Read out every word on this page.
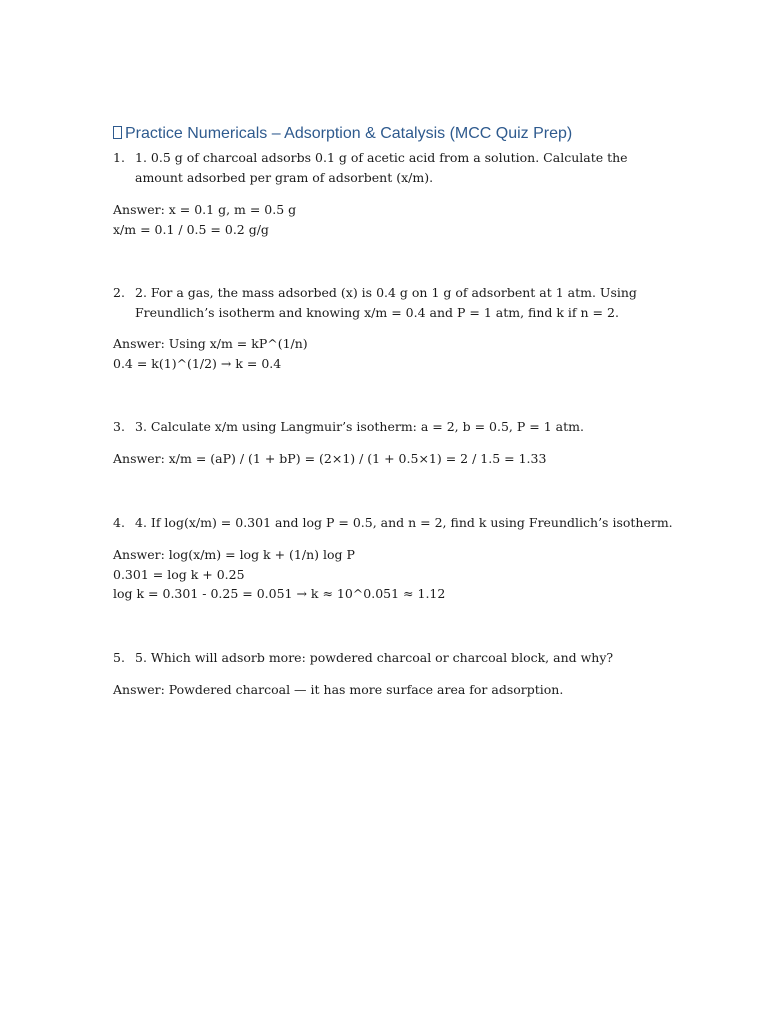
Practice Numericals – Adsorption & Catalysis (MCC Quiz Prep)
1. 1. 0.5 g of charcoal adsorbs 0.1 g of acetic acid from a solution. Calculate the amount adsorbed per gram of adsorbent (x/m).
Answer: x = 0.1 g, m = 0.5 g
x/m = 0.1 / 0.5 = 0.2 g/g
2. 2. For a gas, the mass adsorbed (x) is 0.4 g on 1 g of adsorbent at 1 atm. Using Freundlich’s isotherm and knowing x/m = 0.4 and P = 1 atm, find k if n = 2.
Answer: Using x/m = kP^(1/n)
0.4 = k(1)^(1/2) → k = 0.4
3. 3. Calculate x/m using Langmuir’s isotherm: a = 2, b = 0.5, P = 1 atm.
Answer: x/m = (aP) / (1 + bP) = (2×1) / (1 + 0.5×1) = 2 / 1.5 = 1.33
4. 4. If log(x/m) = 0.301 and log P = 0.5, and n = 2, find k using Freundlich’s isotherm.
Answer: log(x/m) = log k + (1/n) log P
0.301 = log k + 0.25
log k = 0.301 - 0.25 = 0.051 → k ≈ 10^0.051 ≈ 1.12
5. 5. Which will adsorb more: powdered charcoal or charcoal block, and why?
Answer: Powdered charcoal — it has more surface area for adsorption.
